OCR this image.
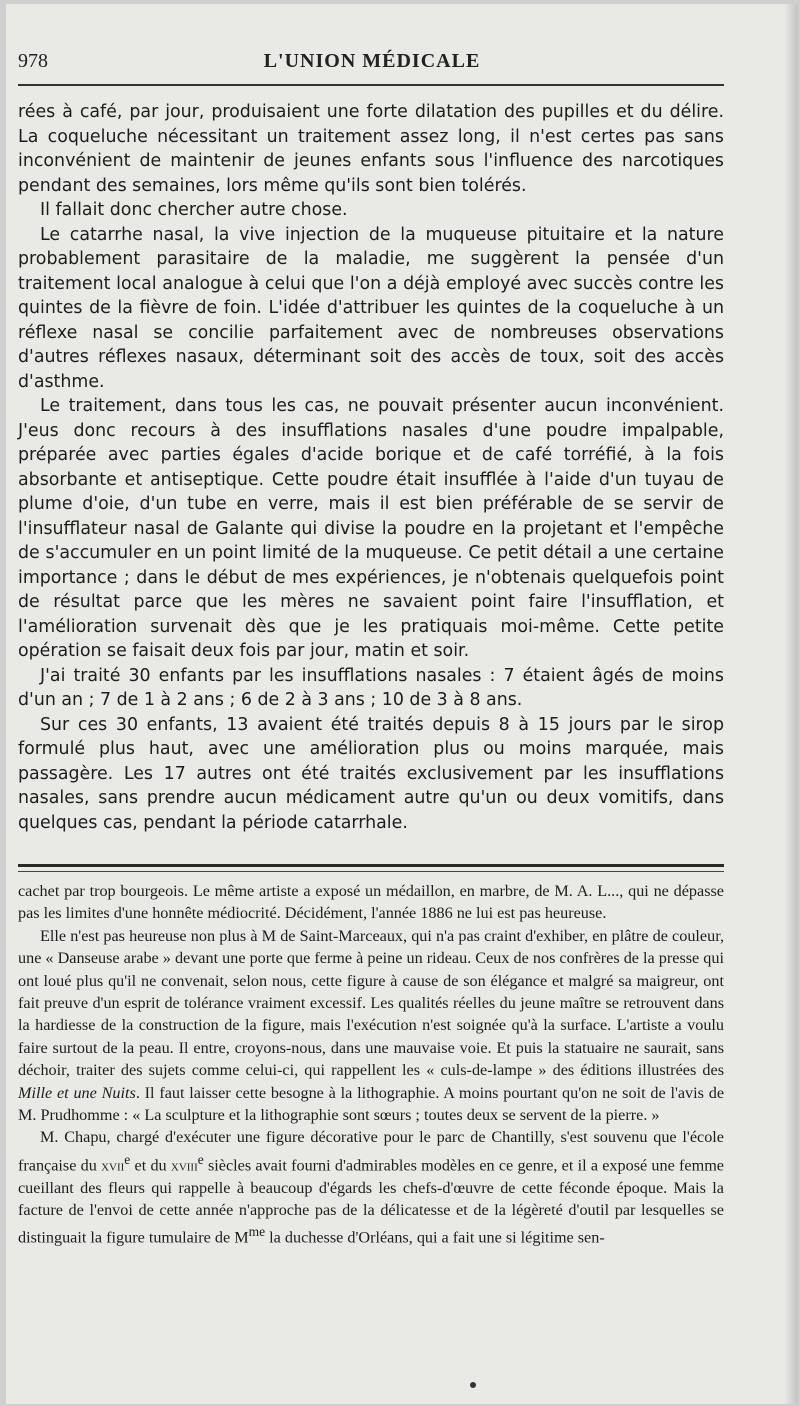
978	L'UNION MÉDICALE

rées à café, par jour, produisaient une forte dilatation des pupilles et du délire. La coqueluche nécessitant un traitement assez long, il n'est certes pas sans inconvénient de maintenir de jeunes enfants sous l'influence des narcotiques pendant des semaines, lors même qu'ils sont bien tolérés.

Il fallait donc chercher autre chose.

Le catarrhe nasal, la vive injection de la muqueuse pituitaire et la nature probablement parasitaire de la maladie, me suggèrent la pensée d'un traitement local analogue à celui que l'on a déjà employé avec succès contre les quintes de la fièvre de foin. L'idée d'attribuer les quintes de la coqueluche à un réflexe nasal se concilie parfaitement avec de nombreuses observations d'autres réflexes nasaux, déterminant soit des accès de toux, soit des accès d'asthme.

Le traitement, dans tous les cas, ne pouvait présenter aucun inconvénient. J'eus donc recours à des insufflations nasales d'une poudre impalpable, préparée avec parties égales d'acide borique et de café torréfié, à la fois absorbante et antiseptique. Cette poudre était insufflée à l'aide d'un tuyau de plume d'oie, d'un tube en verre, mais il est bien préférable de se servir de l'insufflateur nasal de Galante qui divise la poudre en la projetant et l'empêche de s'accumuler en un point limité de la muqueuse. Ce petit détail a une certaine importance ; dans le début de mes expériences, je n'obtenais quelquefois point de résultat parce que les mères ne savaient point faire l'insufflation, et l'amélioration survenait dès que je les pratiquais moi-même. Cette petite opération se faisait deux fois par jour, matin et soir.

J'ai traité 30 enfants par les insufflations nasales : 7 étaient âgés de moins d'un an ; 7 de 1 à 2 ans ; 6 de 2 à 3 ans ; 10 de 3 à 8 ans.

Sur ces 30 enfants, 13 avaient été traités depuis 8 à 15 jours par le sirop formulé plus haut, avec une amélioration plus ou moins marquée, mais passagère. Les 17 autres ont été traités exclusivement par les insufflations nasales, sans prendre aucun médicament autre qu'un ou deux vomitifs, dans quelques cas, pendant la période catarrhale.

cachet par trop bourgeois. Le même artiste a exposé un médaillon, en marbre, de M. A. L..., qui ne dépasse pas les limites d'une honnête médiocrité. Décidément, l'année 1886 ne lui est pas heureuse.

Elle n'est pas heureuse non plus à M de Saint-Marceaux, qui n'a pas craint d'exhiber, en plâtre de couleur, une « Danseuse arabe » devant une porte que ferme à peine un rideau. Ceux de nos confrères de la presse qui ont loué plus qu'il ne convenait, selon nous, cette figure à cause de son élégance et malgré sa maigreur, ont fait preuve d'un esprit de tolérance vraiment excessif. Les qualités réelles du jeune maître se retrouvent dans la hardiesse de la construction de la figure, mais l'exécution n'est soignée qu'à la surface. L'artiste a voulu faire surtout de la peau. Il entre, croyons-nous, dans une mauvaise voie. Et puis la statuaire ne saurait, sans déchoir, traiter des sujets comme celui-ci, qui rappellent les « culs-de-lampe » des éditions illustrées des Mille et une Nuits. Il faut laisser cette besogne à la lithographie. A moins pourtant qu'on ne soit de l'avis de M. Prudhomme : « La sculpture et la lithographie sont sœurs ; toutes deux se servent de la pierre. »

M. Chapu, chargé d'exécuter une figure décorative pour le parc de Chantilly, s'est souvenu que l'école française du xvii$^e$ et du xviii$^e$ siècles avait fourni d'admirables modèles en ce genre, et il a exposé une femme cueillant des fleurs qui rappelle à beaucoup d'égards les chefs-d'œuvre de cette féconde époque. Mais la facture de l'envoi de cette année n'approche pas de la délicatesse et de la légèreté d'outil par lesquelles se distinguait la figure tumulaire de $M^{me}$ la duchesse d'Orléans, qui a fait une si légitime sen-
